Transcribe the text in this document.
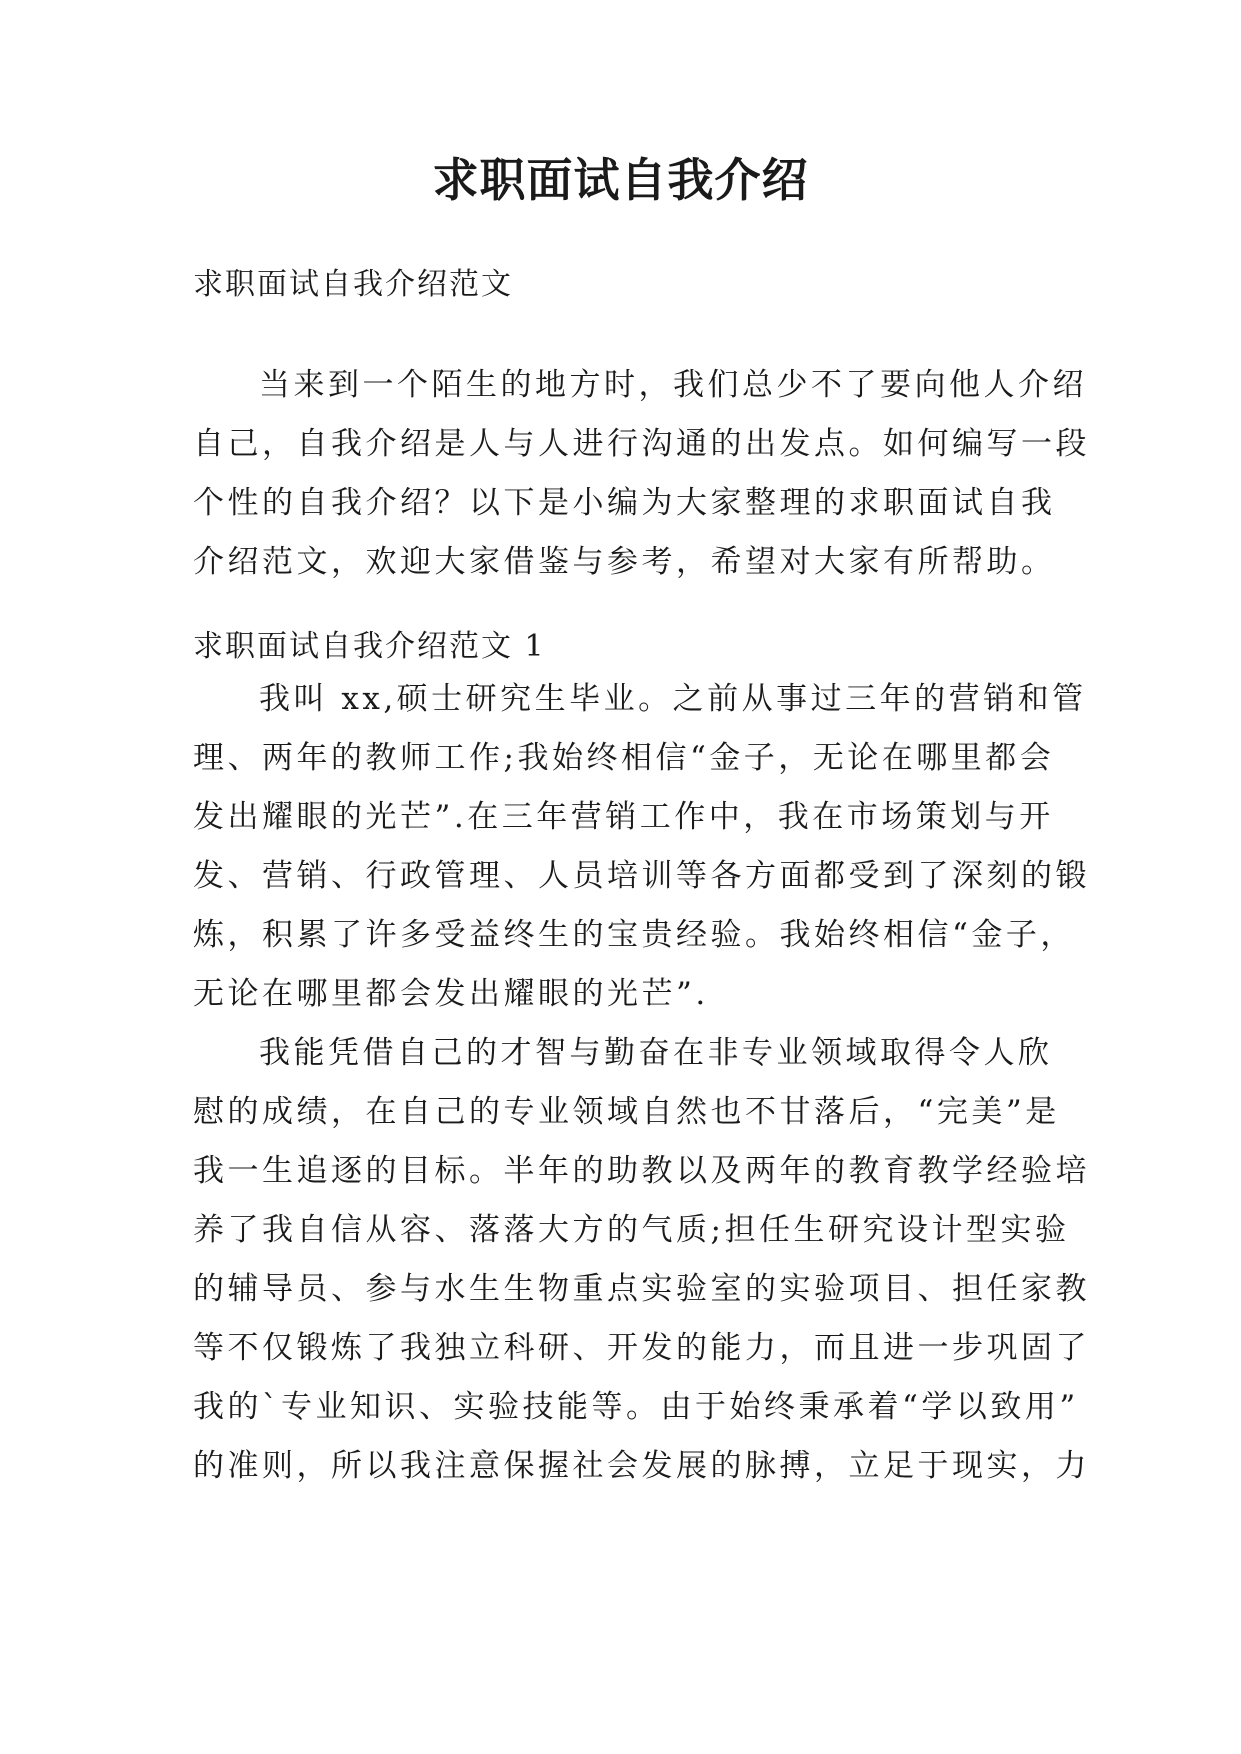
求职面试自我介绍

求职面试自我介绍范文

当来到一个陌生的地方时，我们总少不了要向他人介绍
自己，自我介绍是人与人进行沟通的出发点。如何编写一段
个性的自我介绍？以下是小编为大家整理的求职面试自我
介绍范文，欢迎大家借鉴与参考，希望对大家有所帮助。

求职面试自我介绍范文 1

我叫 xx,硕士研究生毕业。之前从事过三年的营销和管
理、两年的教师工作;我始终相信“金子，无论在哪里都会
发出耀眼的光芒”.在三年营销工作中，我在市场策划与开
发、营销、行政管理、人员培训等各方面都受到了深刻的锻
炼，积累了许多受益终生的宝贵经验。我始终相信“金子，
无论在哪里都会发出耀眼的光芒”.
我能凭借自己的才智与勤奋在非专业领域取得令人欣
慰的成绩，在自己的专业领域自然也不甘落后，“完美”是
我一生追逐的目标。半年的助教以及两年的教育教学经验培
养了我自信从容、落落大方的气质;担任生研究设计型实验
的辅导员、参与水生生物重点实验室的实验项目、担任家教
等不仅锻炼了我独立科研、开发的能力，而且进一步巩固了
我的`专业知识、实验技能等。由于始终秉承着“学以致用”
的准则，所以我注意保握社会发展的脉搏，立足于现实，力
